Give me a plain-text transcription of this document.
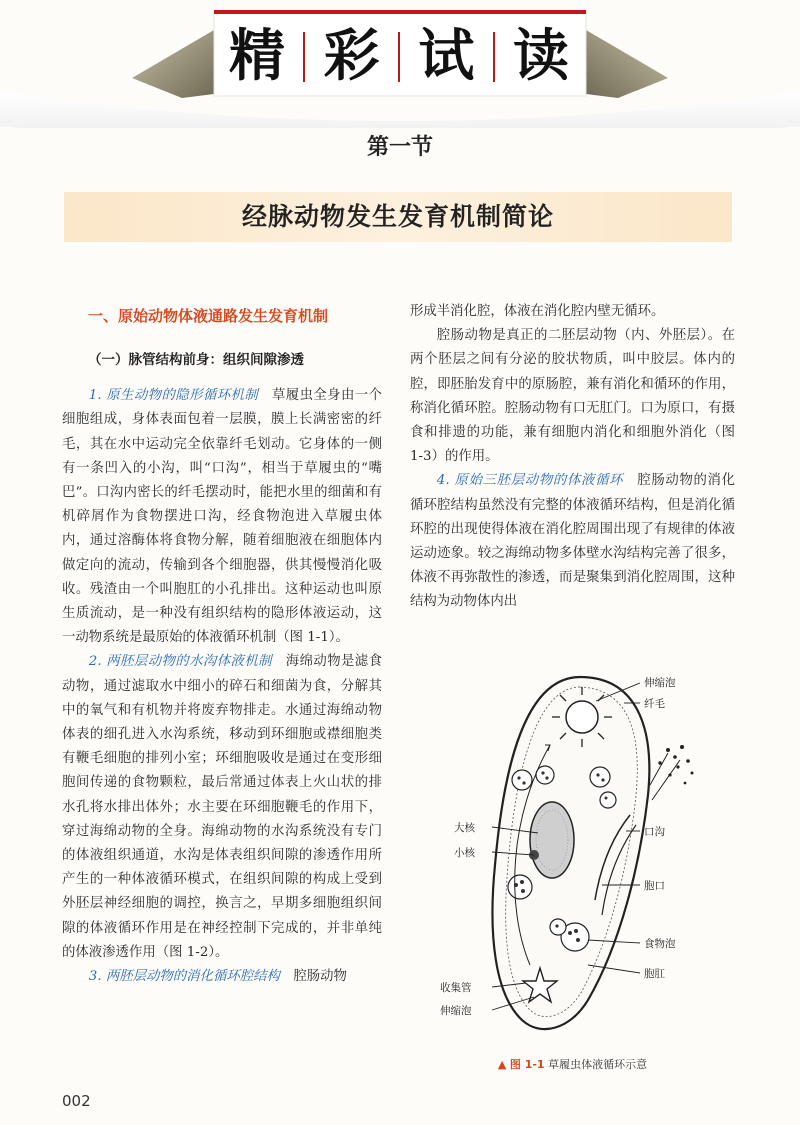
精 彩 试 读
第一节
经脉动物发生发育机制简论

一、原始动物体液通路发生发育机制

（一）脉管结构前身：组织间隙渗透

1. 原生动物的隐形循环机制　 草履虫全身由一个细胞组成，身体表面包着一层膜，膜上长满密密的纤毛，其在水中运动完全依靠纤毛划动。它身体的一侧有一条凹入的小沟，叫“口沟”，相当于草履虫的“嘴巴”。口沟内密长的纤毛摆动时，能把水里的细菌和有机碎屑作为食物摆进口沟，经食物泡进入草履虫体内，通过溶酶体将食物分解，随着细胞液在细胞体内做定向的流动，传输到各个细胞器，供其慢慢消化吸收。残渣由一个叫胞肛的小孔排出。这种运动也叫原生质流动，是一种没有组织结构的隐形体液运动，这一动物系统是最原始的体液循环机制（图 1-1）。

2. 两胚层动物的水沟体液机制　 海绵动物是滤食动物，通过滤取水中细小的碎石和细菌为食，分解其中的氧气和有机物并将废弃物排走。水通过海绵动物体表的细孔进入水沟系统，移动到环细胞或襟细胞类有鞭毛细胞的排列小室；环细胞吸收是通过在变形细胞间传递的食物颗粒，最后常通过体表上火山状的排水孔将水排出体外；水主要在环细胞鞭毛的作用下，穿过海绵动物的全身。海绵动物的水沟系统没有专门的体液组织通道，水沟是体表组织间隙的渗透作用所产生的一种体液循环模式，在组织间隙的构成上受到外胚层神经细胞的调控，换言之，早期多细胞组织间隙的体液循环作用是在神经控制下完成的，并非单纯的体液渗透作用（图 1-2）。

3. 两胚层动物的消化循环腔结构　 腔肠动物

形成半消化腔，体液在消化腔内壁无循环。

腔肠动物是真正的二胚层动物（内、外胚层）。在两个胚层之间有分泌的胶状物质，叫中胶层。体内的腔，即胚胎发育中的原肠腔，兼有消化和循环的作用，称消化循环腔。腔肠动物有口无肛门。口为原口，有摄食和排遗的功能，兼有细胞内消化和细胞外消化（图 1-3）的作用。

4. 原始三胚层动物的体液循环　 腔肠动物的消化循环腔结构虽然没有完整的体液循环结构，但是消化循环腔的出现使得体液在消化腔周围出现了有规律的体液运动迹象。较之海绵动物多体壁水沟结构完善了很多，体液不再弥散性的渗透，而是聚集到消化腔周围，这种结构为动物体内出

伸缩泡
纤毛
大核
小核
口沟
胞口
食物泡
胞肛
收集管
伸缩泡
▲ 图 1-1 草履虫体液循环示意
002
